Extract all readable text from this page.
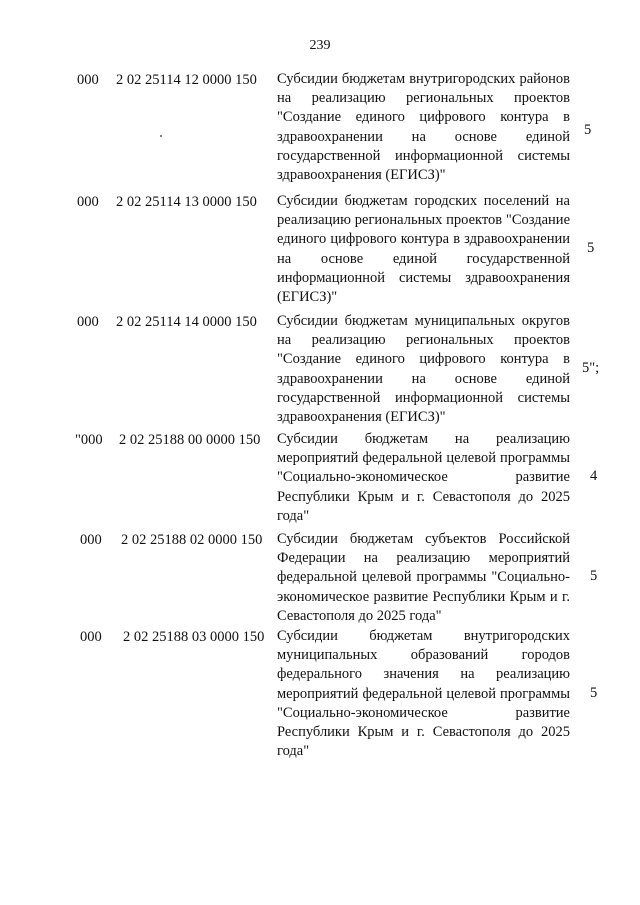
239
000 2 02 25114 12 0000 150 Субсидии бюджетам внутригородских районов на реализацию региональных проектов "Создание единого цифрового контура в здравоохранении на основе единой государственной информационной системы здравоохранения (ЕГИСЗ)"
5
000 2 02 25114 13 0000 150 Субсидии бюджетам городских поселений на реализацию региональных проектов "Создание единого цифрового контура в здравоохранении на основе единой государственной информационной системы здравоохранения (ЕГИСЗ)"
5
000 2 02 25114 14 0000 150 Субсидии бюджетам муниципальных округов на реализацию региональных проектов "Создание единого цифрового контура в здравоохранении на основе единой государственной информационной системы здравоохранения (ЕГИСЗ)"
5";
"000 2 02 25188 00 0000 150 Субсидии бюджетам на реализацию мероприятий федеральной целевой программы "Социально-экономическое развитие Республики Крым и г. Севастополя до 2025 года"
4
000 2 02 25188 02 0000 150 Субсидии бюджетам субъектов Российской Федерации на реализацию мероприятий федеральной целевой программы "Социально-экономическое развитие Республики Крым и г. Севастополя до 2025 года"
5
000 2 02 25188 03 0000 150 Субсидии бюджетам внутригородских муниципальных образований городов федерального значения на реализацию мероприятий федеральной целевой программы "Социально-экономическое развитие Республики Крым и г. Севастополя до 2025 года"
5
